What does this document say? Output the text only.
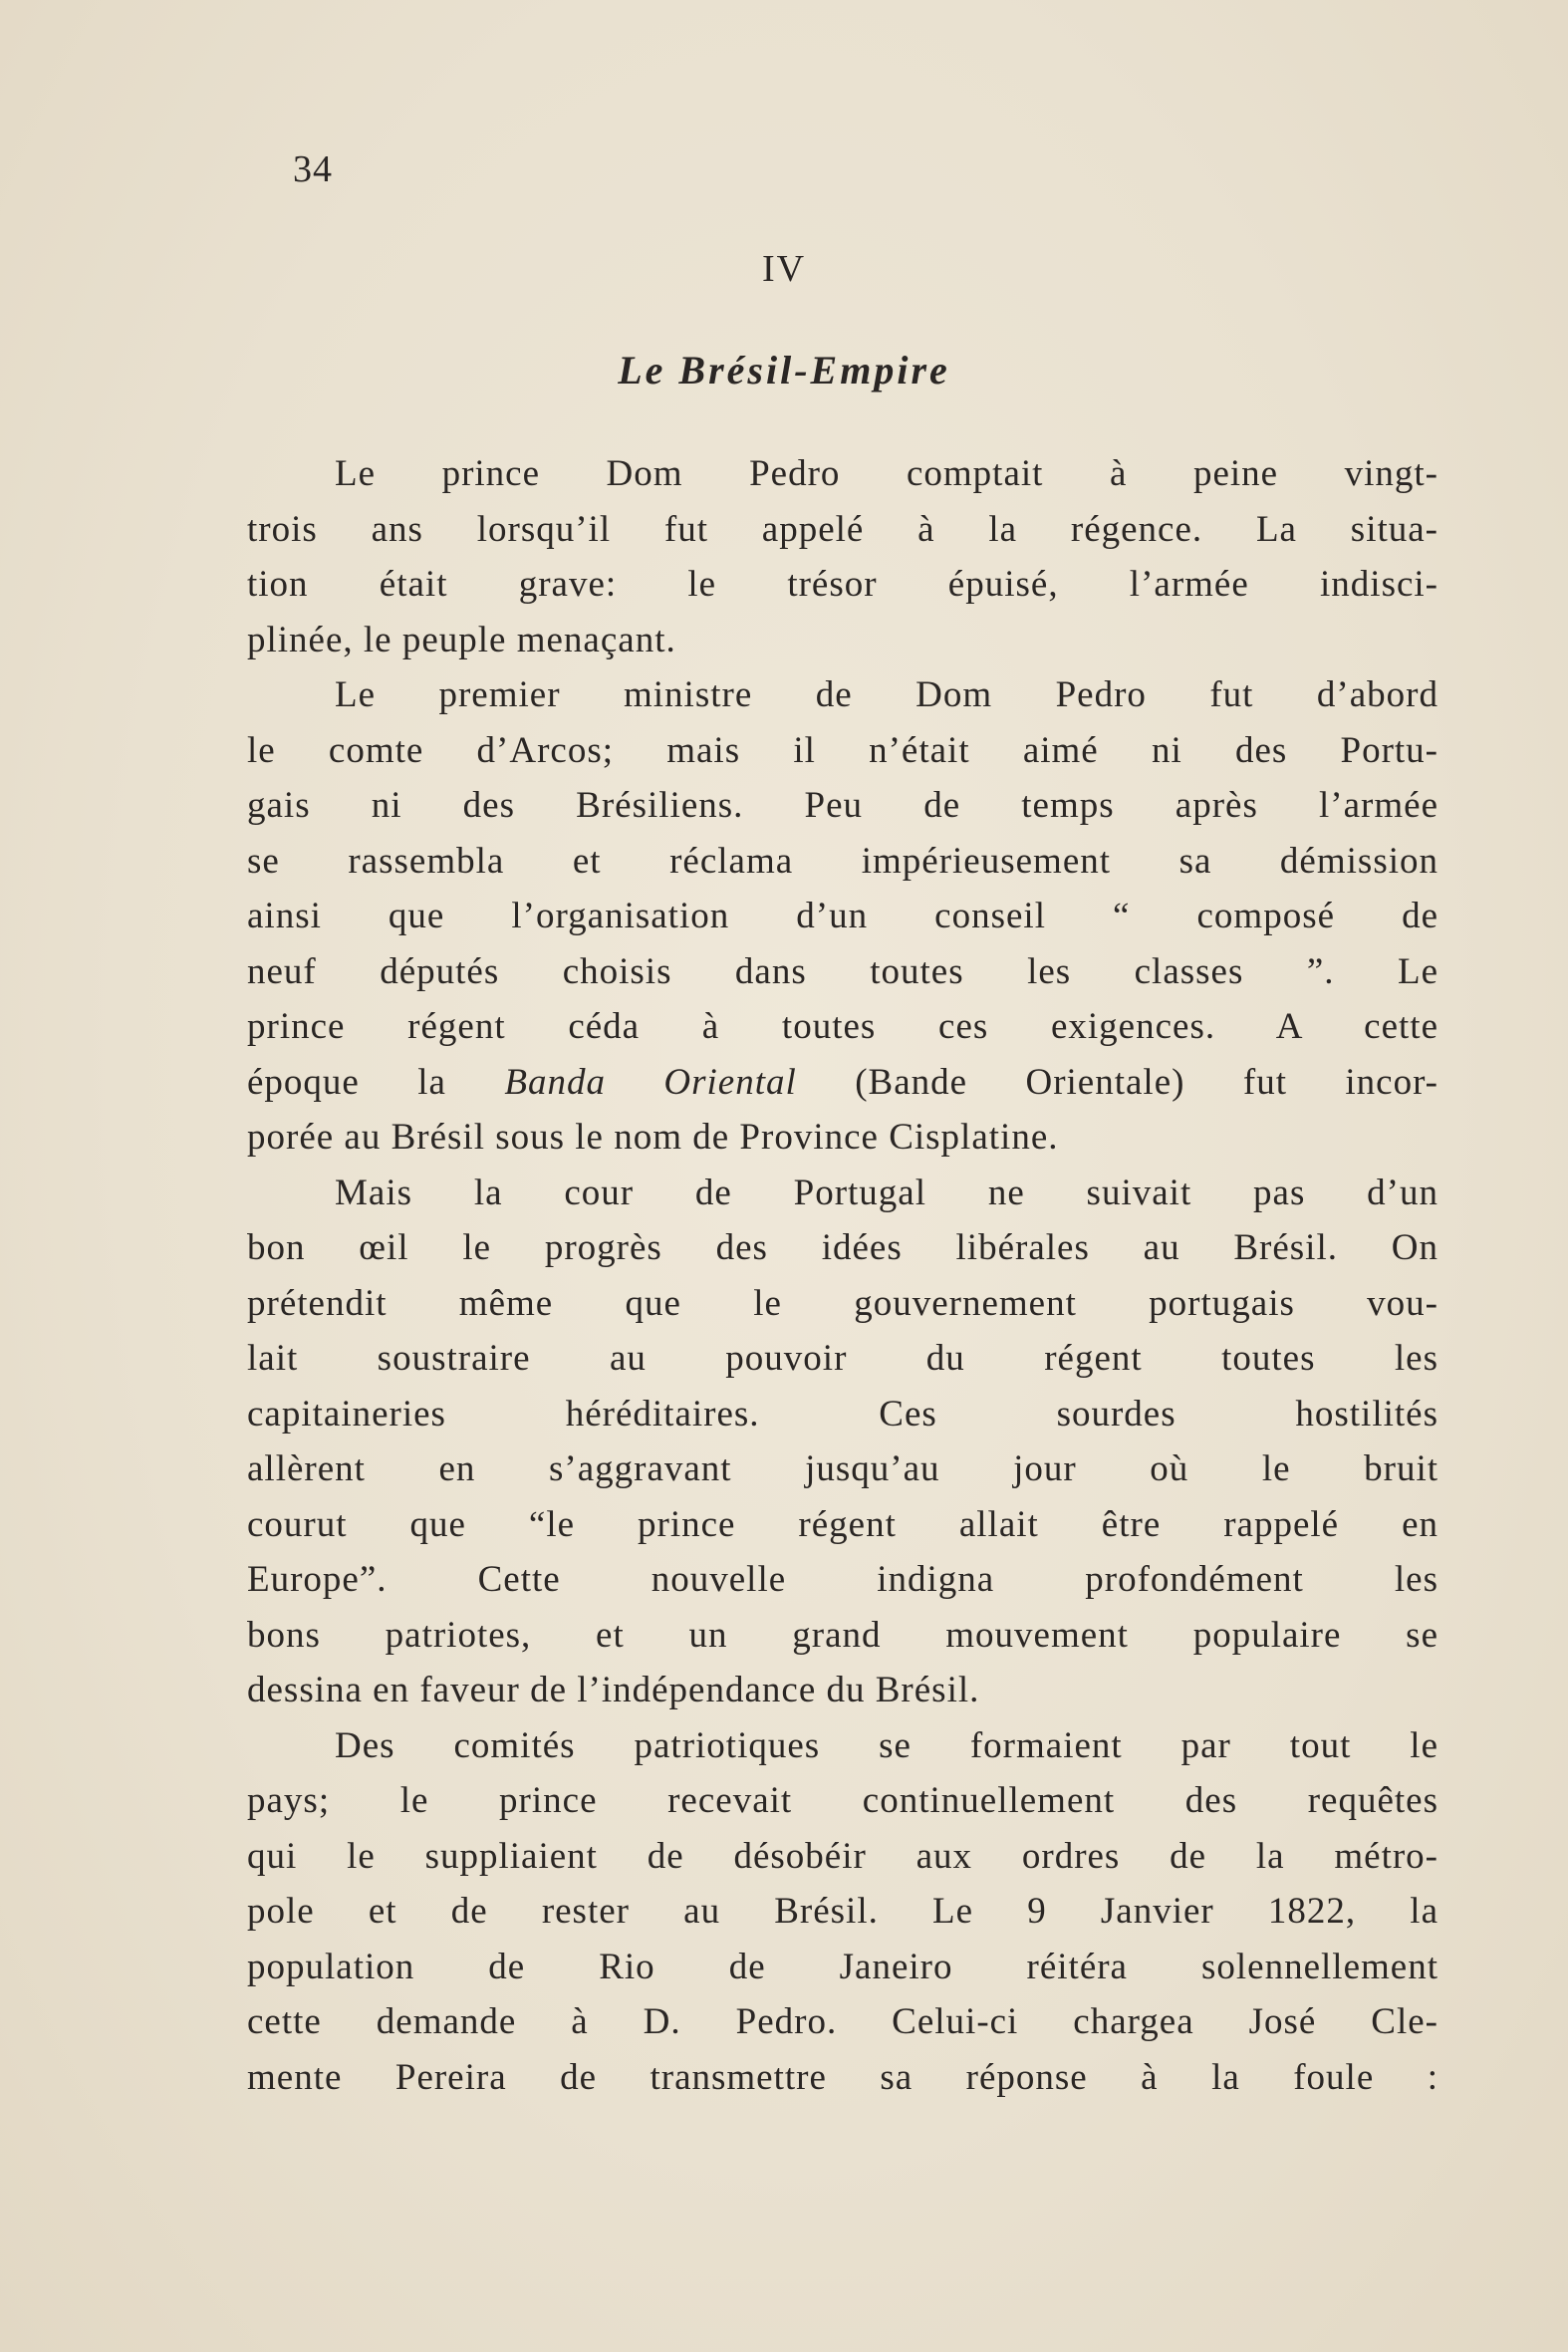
34
IV
Le Brésil-Empire
Le prince Dom Pedro comptait à peine vingt-
trois ans lorsqu’il fut appelé à la régence. La situa-
tion était grave: le trésor épuisé, l’armée indisci-
plinée, le peuple menaçant.
Le premier ministre de Dom Pedro fut d’abord
le comte d’Arcos; mais il n’était aimé ni des Portu-
gais ni des Brésiliens. Peu de temps après l’armée
se rassembla et réclama impérieusement sa démission
ainsi que l’organisation d’un conseil “ composé de
neuf députés choisis dans toutes les classes ”. Le
prince régent céda à toutes ces exigences. A cette
époque la Banda Oriental (Bande Orientale) fut incor-
porée au Brésil sous le nom de Province Cisplatine.
Mais la cour de Portugal ne suivait pas d’un
bon œil le progrès des idées libérales au Brésil. On
prétendit même que le gouvernement portugais vou-
lait soustraire au pouvoir du régent toutes les
capitaineries héréditaires. Ces sourdes hostilités
allèrent en s’aggravant jusqu’au jour où le bruit
courut que “le prince régent allait être rappelé en
Europe”. Cette nouvelle indigna profondément les
bons patriotes, et un grand mouvement populaire se
dessina en faveur de l’indépendance du Brésil.
Des comités patriotiques se formaient par tout le
pays; le prince recevait continuellement des requêtes
qui le suppliaient de désobéir aux ordres de la métro-
pole et de rester au Brésil. Le 9 Janvier 1822, la
population de Rio de Janeiro réitéra solennellement
cette demande à D. Pedro. Celui-ci chargea José Cle-
mente Pereira de transmettre sa réponse à la foule :
